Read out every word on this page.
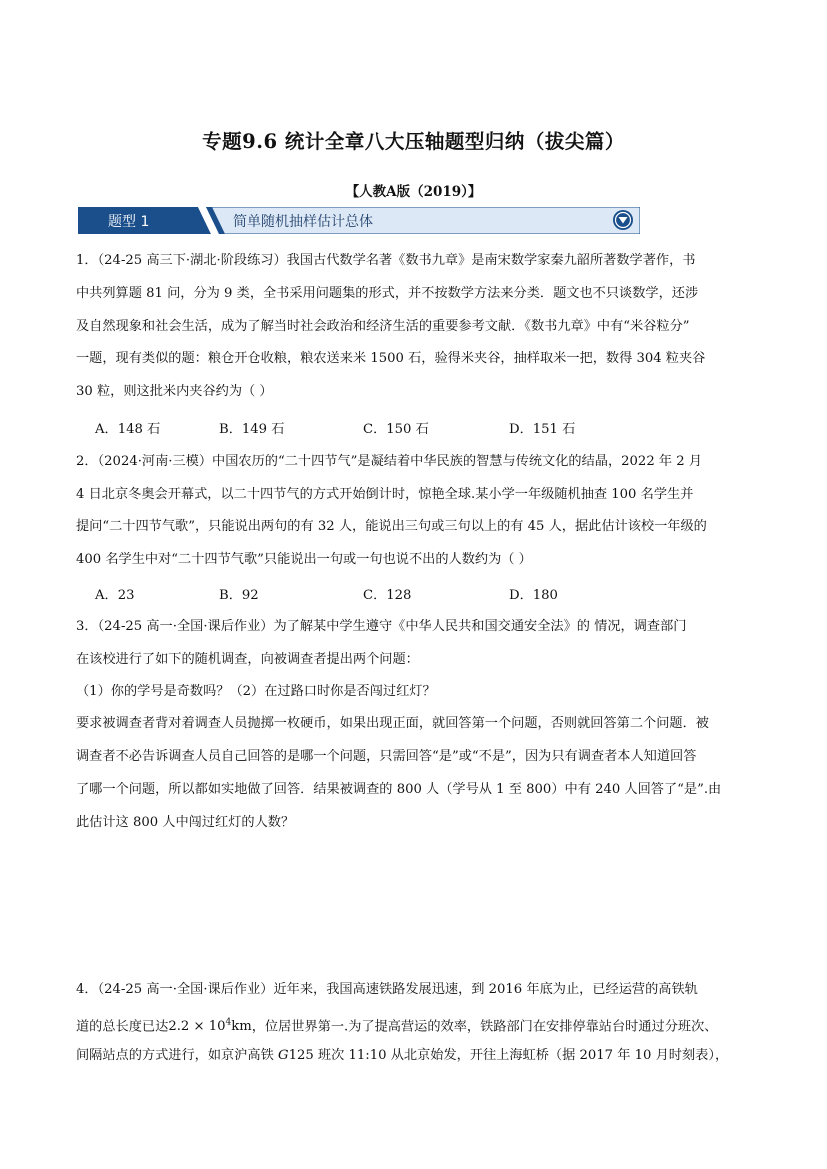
专题9.6 统计全章八大压轴题型归纳（拔尖篇）
【人教A版（2019）】
题型 1	简单随机抽样估计总体
1．（24-25 高三下·湖北·阶段练习）我国古代数学名著《数书九章》是南宋数学家秦九韶所著数学著作，书
中共列算题 81 问，分为 9 类，全书采用问题集的形式，并不按数学方法来分类．题文也不只谈数学，还涉
及自然现象和社会生活，成为了解当时社会政治和经济生活的重要参考文献．《数书九章》中有“米谷粒分”
一题，现有类似的题：粮仓开仓收粮，粮农送来米 1500 石，验得米夹谷，抽样取米一把，数得 304 粒夹谷
30 粒，则这批米内夹谷约为（ ）
A．148 石	B．149 石	C．150 石	D．151 石
2．（2024·河南·三模）中国农历的“二十四节气”是凝结着中华民族的智慧与传统文化的结晶，2022 年 2 月
4 日北京冬奥会开幕式，以二十四节气的方式开始倒计时，惊艳全球.某小学一年级随机抽查 100 名学生并
提问“二十四节气歌”，只能说出两句的有 32 人，能说出三句或三句以上的有 45 人，据此估计该校一年级的
400 名学生中对“二十四节气歌”只能说出一句或一句也说不出的人数约为（ ）
A．23	B．92	C．128	D．180
3．（24-25 高一·全国·课后作业）为了解某中学生遵守《中华人民共和国交通安全法》的 情况，调查部门
在该校进行了如下的随机调查，向被调查者提出两个问题：
（1）你的学号是奇数吗？（2）在过路口时你是否闯过红灯？
要求被调查者背对着调查人员抛掷一枚硬币，如果出现正面，就回答第一个问题，否则就回答第二个问题．被
调查者不必告诉调查人员自己回答的是哪一个问题，只需回答“是”或“不是”，因为只有调查者本人知道回答
了哪一个问题，所以都如实地做了回答．结果被调查的 800 人（学号从 1 至 800）中有 240 人回答了“是”.由
此估计这 800 人中闯过红灯的人数？
4．（24-25 高一·全国·课后作业）近年来，我国高速铁路发展迅速，到 2016 年底为止，已经运营的高铁轨
道的总长度已达$2.2 \times 10^4km$，位居世界第一.为了提高营运的效率，铁路部门在安排停靠站台时通过分班次、
间隔站点的方式进行，如京沪高铁 G125 班次 11:10 从北京始发，开往上海虹桥（据 2017 年 10 月时刻表），
